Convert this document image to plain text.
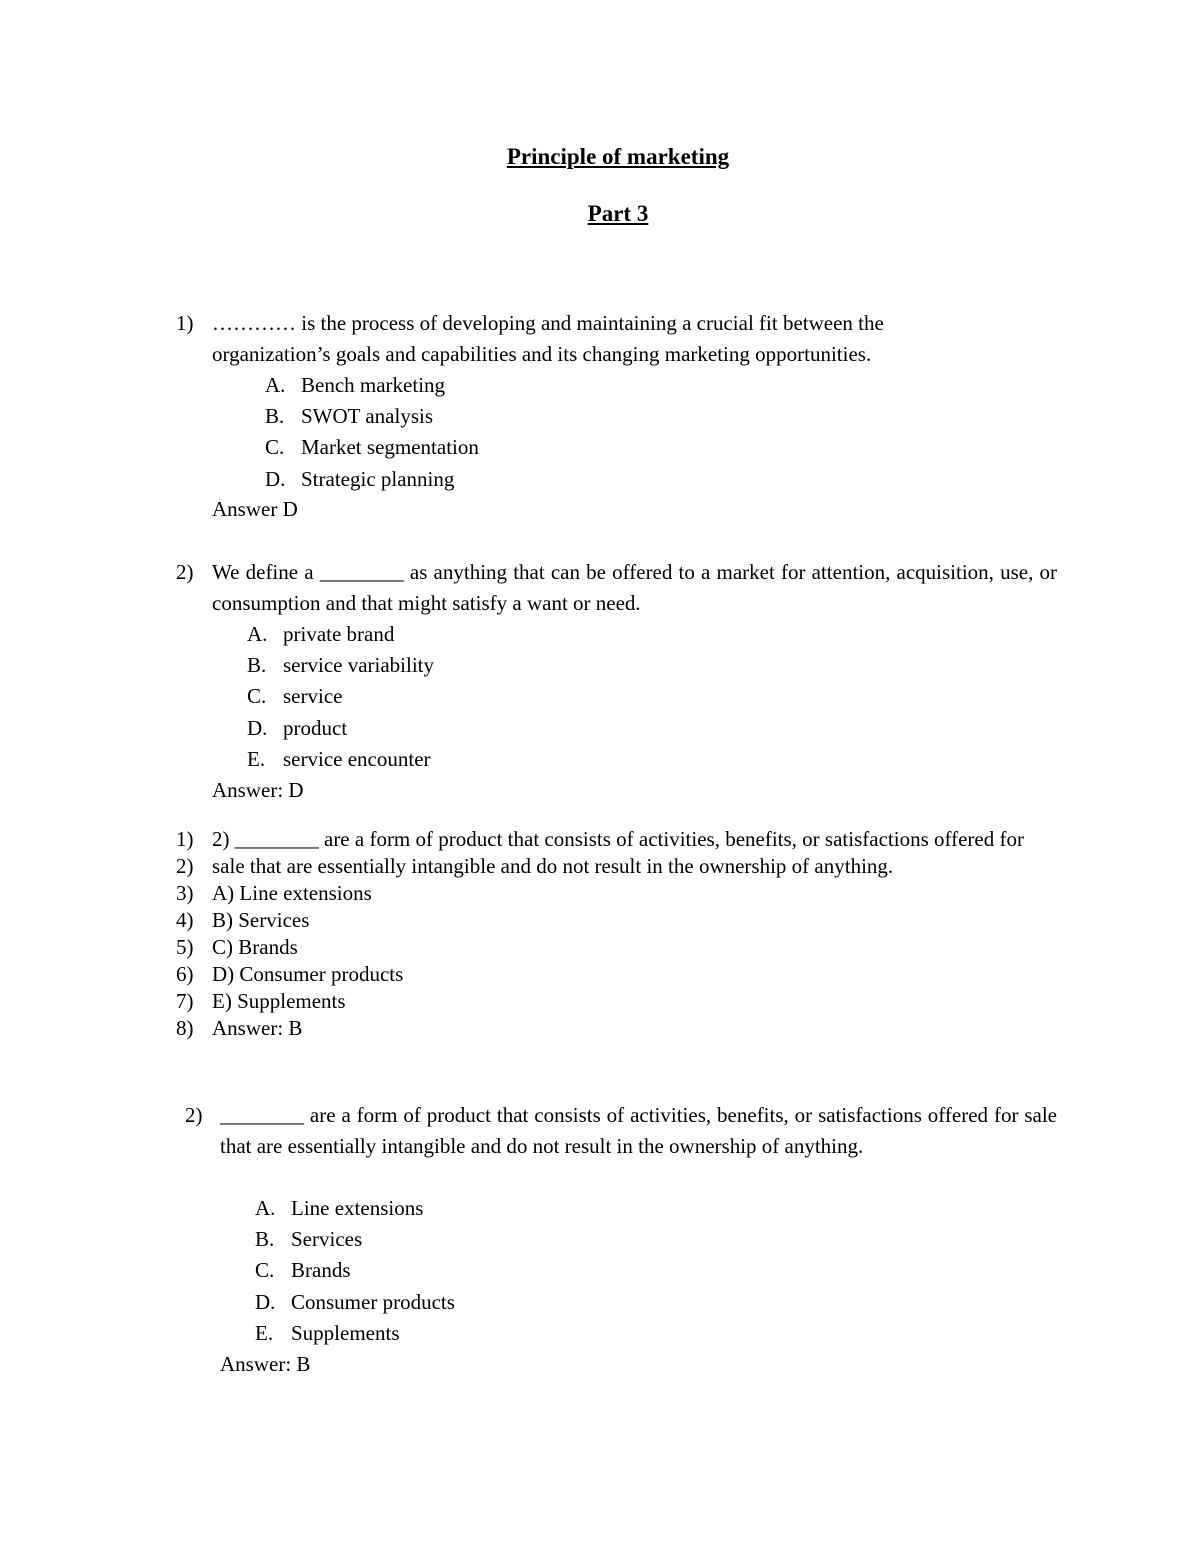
Principle of marketing
Part 3
1) ………… is the process of developing and maintaining a crucial fit between the organization’s goals and capabilities and its changing marketing opportunities.

A. Bench marketing
B. SWOT analysis
C. Market segmentation
D. Strategic planning

Answer D

2) We define a ________ as anything that can be offered to a market for attention, acquisition, use, or consumption and that might satisfy a want or need.

A. private brand
B. service variability
C. service
D. product
E. service encounter

Answer: D

1) 2) ________ are a form of product that consists of activities, benefits, or satisfactions offered for
2) sale that are essentially intangible and do not result in the ownership of anything.
3) A) Line extensions
4) B) Services
5) C) Brands
6) D) Consumer products
7) E) Supplements
8) Answer: B
2) ________ are a form of product that consists of activities, benefits, or satisfactions offered for sale that are essentially intangible and do not result in the ownership of anything.

A. Line extensions
B. Services
C. Brands
D. Consumer products
E. Supplements

Answer: B
